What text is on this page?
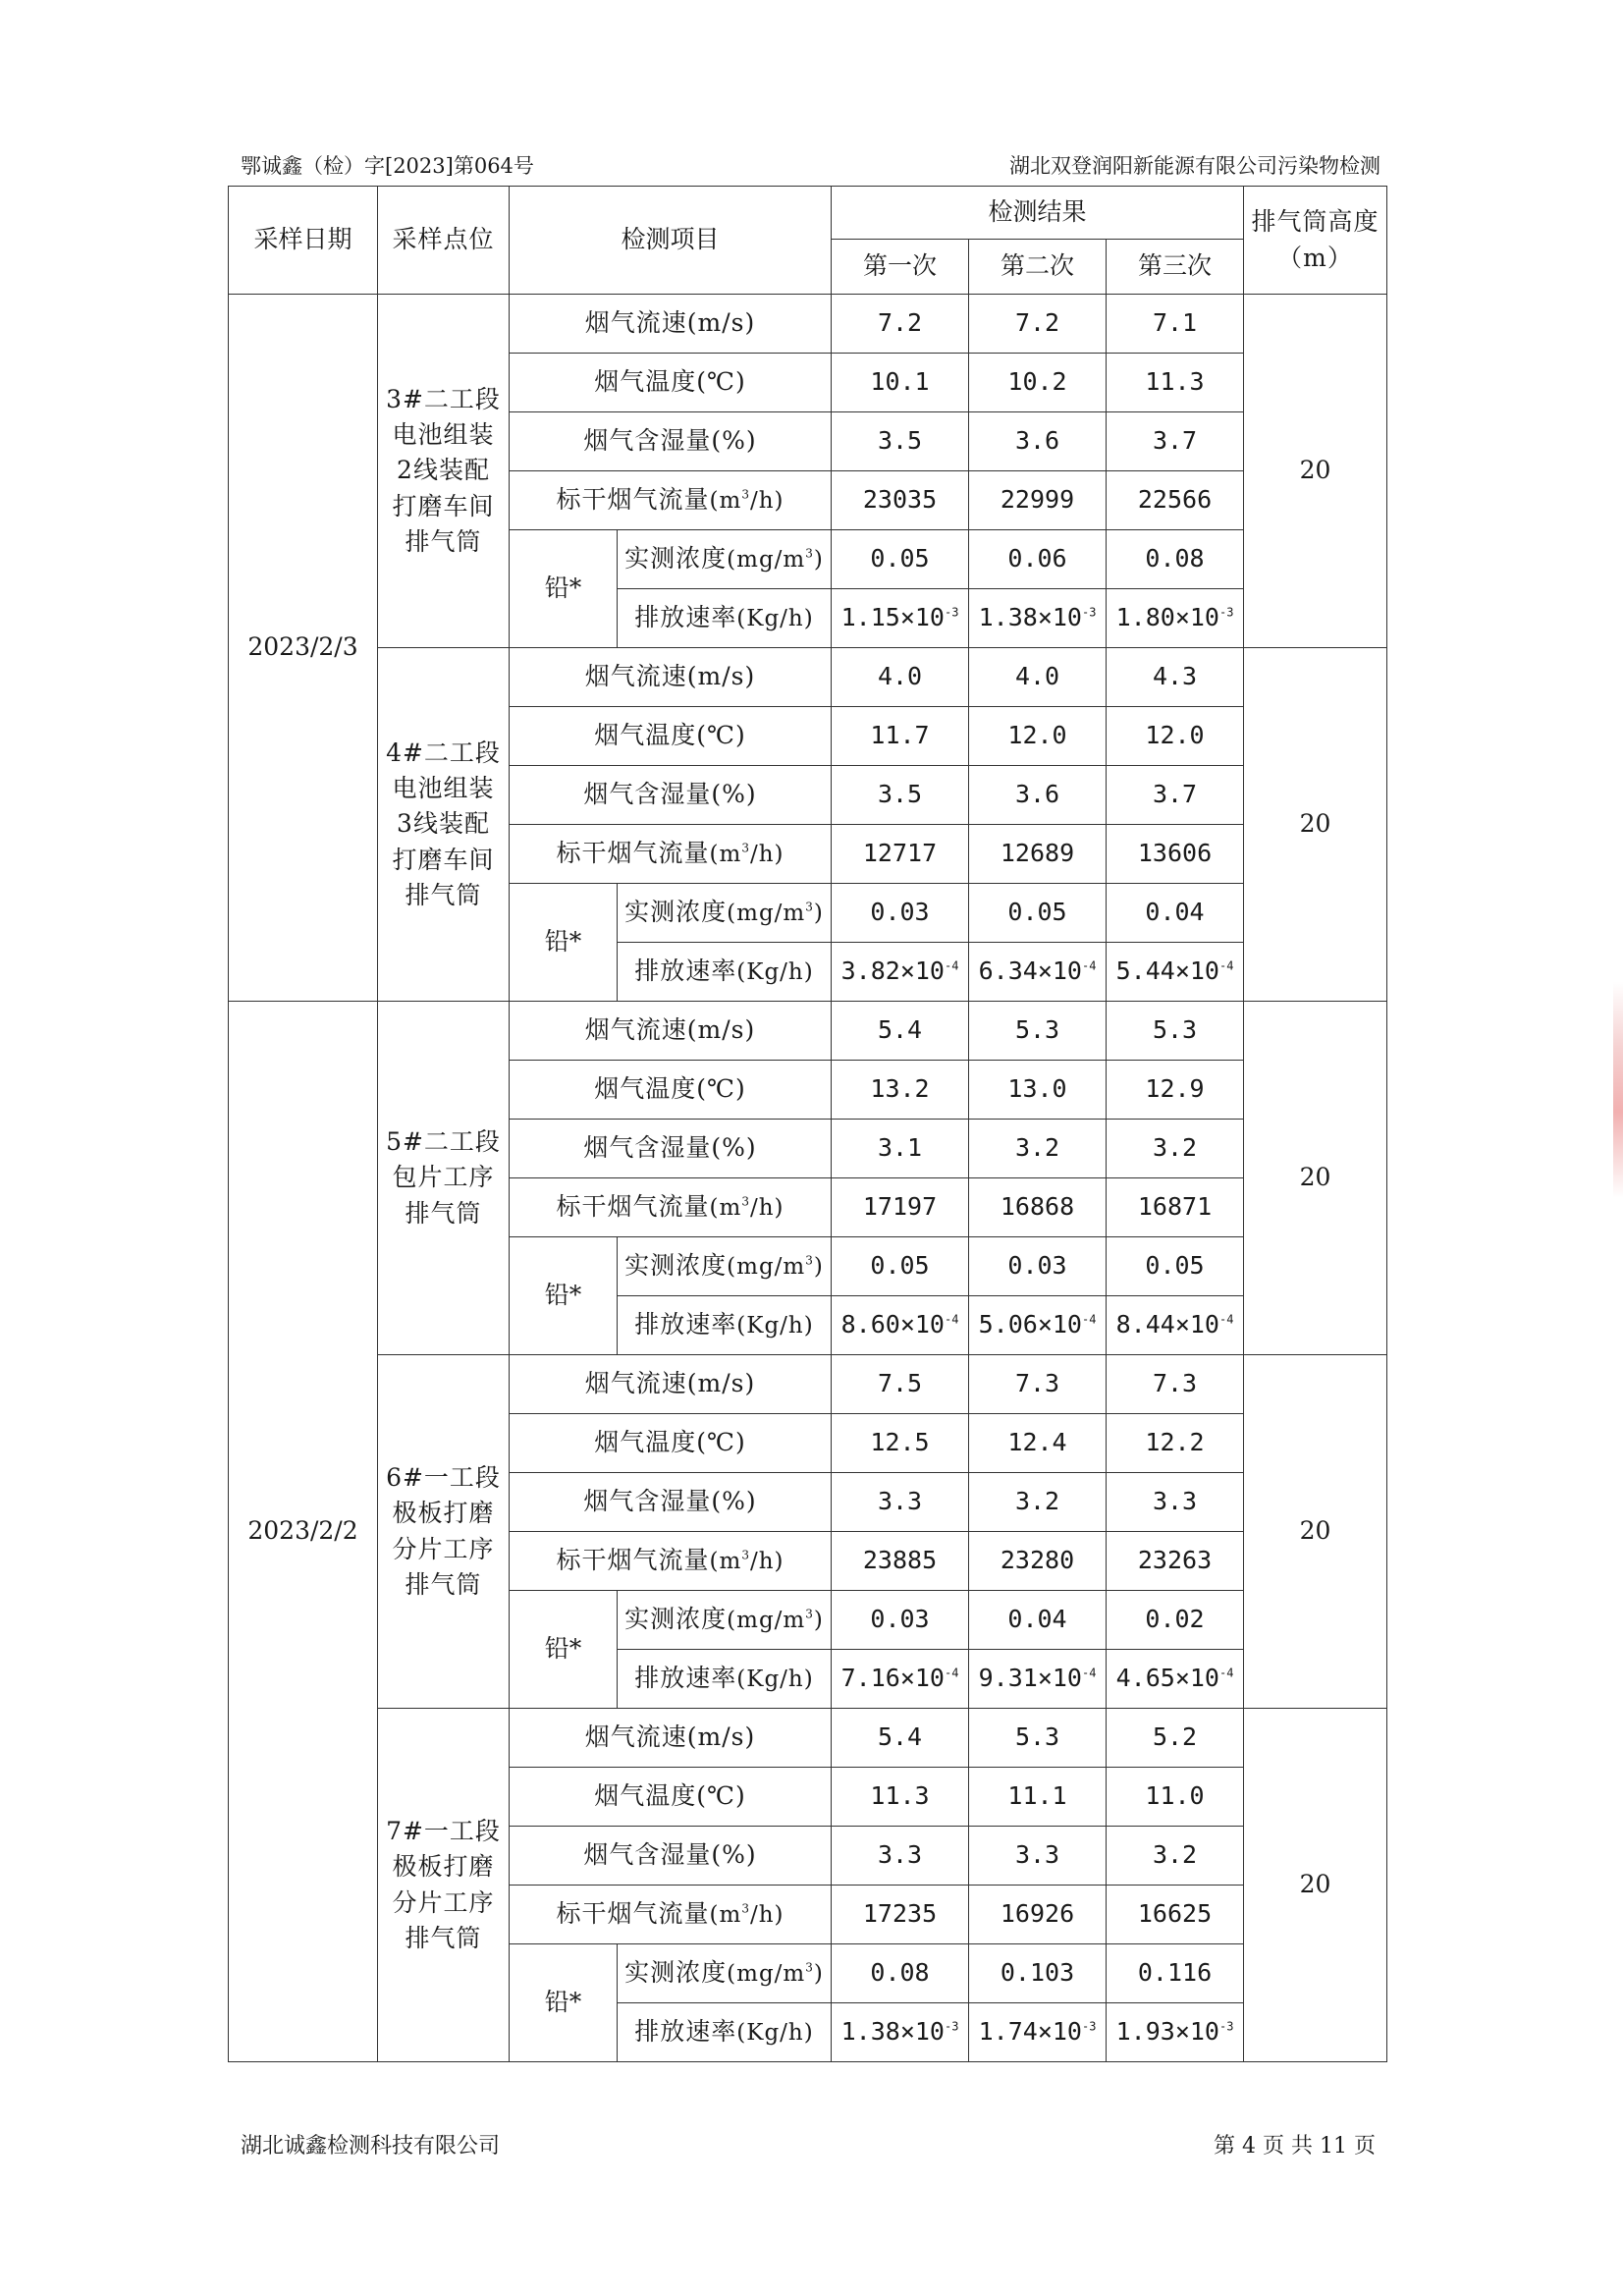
鄂诚鑫（检）字[2023]第064号	湖北双登润阳新能源有限公司污染物检测
采样日期	采样点位	检测项目		检测结果			排气筒高度（m）
				第一次	第二次	第三次	
2023/2/3	3#二工段
电池组装
2线装配
打磨车间
排气筒	烟气流速(m/s)		7.2	7.2	7.1	20
		烟气温度(℃)		10.1	10.2	11.3	
		烟气含湿量(%)		3.5	3.6	3.7	
		标干烟气流量$(m^3/h)$		23035	22999	22566	
		铅*	实测浓度$(mg/m^3)$	0.05	0.06	0.08	
			排放速率(Kg/h)	$1.15\times 10^{-3}$	$1.38\times 10^{-3}$	$1.80\times 10^{-3}$

	4#二工段
电池组装
3线装配
打磨车间
排气筒	烟气流速(m/s)		4.0	4.0	4.3	20
		烟气温度(℃)		11.7	12.0	12.0	
		烟气含湿量(%)		3.5	3.6	3.7	
		标干烟气流量$(m^3/h)$		12717	12689	13606	
		铅*	实测浓度$(mg/m^3)$	0.03	0.05	0.04	
			排放速率(Kg/h)	$3.82\times 10^{-4}$	$6.34\times 10^{-4}$	$5.44\times 10^{-4}$
2023/2/2	5#二工段
包片工序
排气筒	烟气流速(m/s)		5.4	5.3	5.3	20
		烟气温度(℃)		13.2	13.0	12.9	
		烟气含湿量(%)		3.1	3.2	3.2	
		标干烟气流量$(m^3/h)$		17197	16868	16871	
		铅*	实测浓度$(mg/m^3)$	0.05	0.03	0.05	
			排放速率(Kg/h)	$8.60\times 10^{-4}$	$5.06\times 10^{-4}$	$8.44\times 10^{-4}$

	6#一工段
极板打磨
分片工序
排气筒	烟气流速(m/s)		7.5	7.3	7.3	20
		烟气温度(℃)		12.5	12.4	12.2	
		烟气含湿量(%)		3.3	3.2	3.3	
		标干烟气流量$(m^3/h)$		23885	23280	23263	
		铅*	实测浓度$(mg/m^3)$	0.03	0.04	0.02	
			排放速率(Kg/h)	$7.16\times 10^{-4}$	$9.31\times 10^{-4}$	$4.65\times 10^{-4}$

	7#一工段
极板打磨
分片工序
排气筒	烟气流速(m/s)		5.4	5.3	5.2	20
		烟气温度(℃)		11.3	11.1	11.0	
		烟气含湿量(%)		3.3	3.3	3.2	
		标干烟气流量$(m^3/h)$		17235	16926	16625	
		铅*	实测浓度$(mg/m^3)$	0.08	0.103	0.116	
			排放速率(Kg/h)	$1.38\times 10^{-3}$	$1.74\times 10^{-3}$	$1.93\times 10^{-3}$
湖北诚鑫检测科技有限公司	第 4 页 共 11 页
